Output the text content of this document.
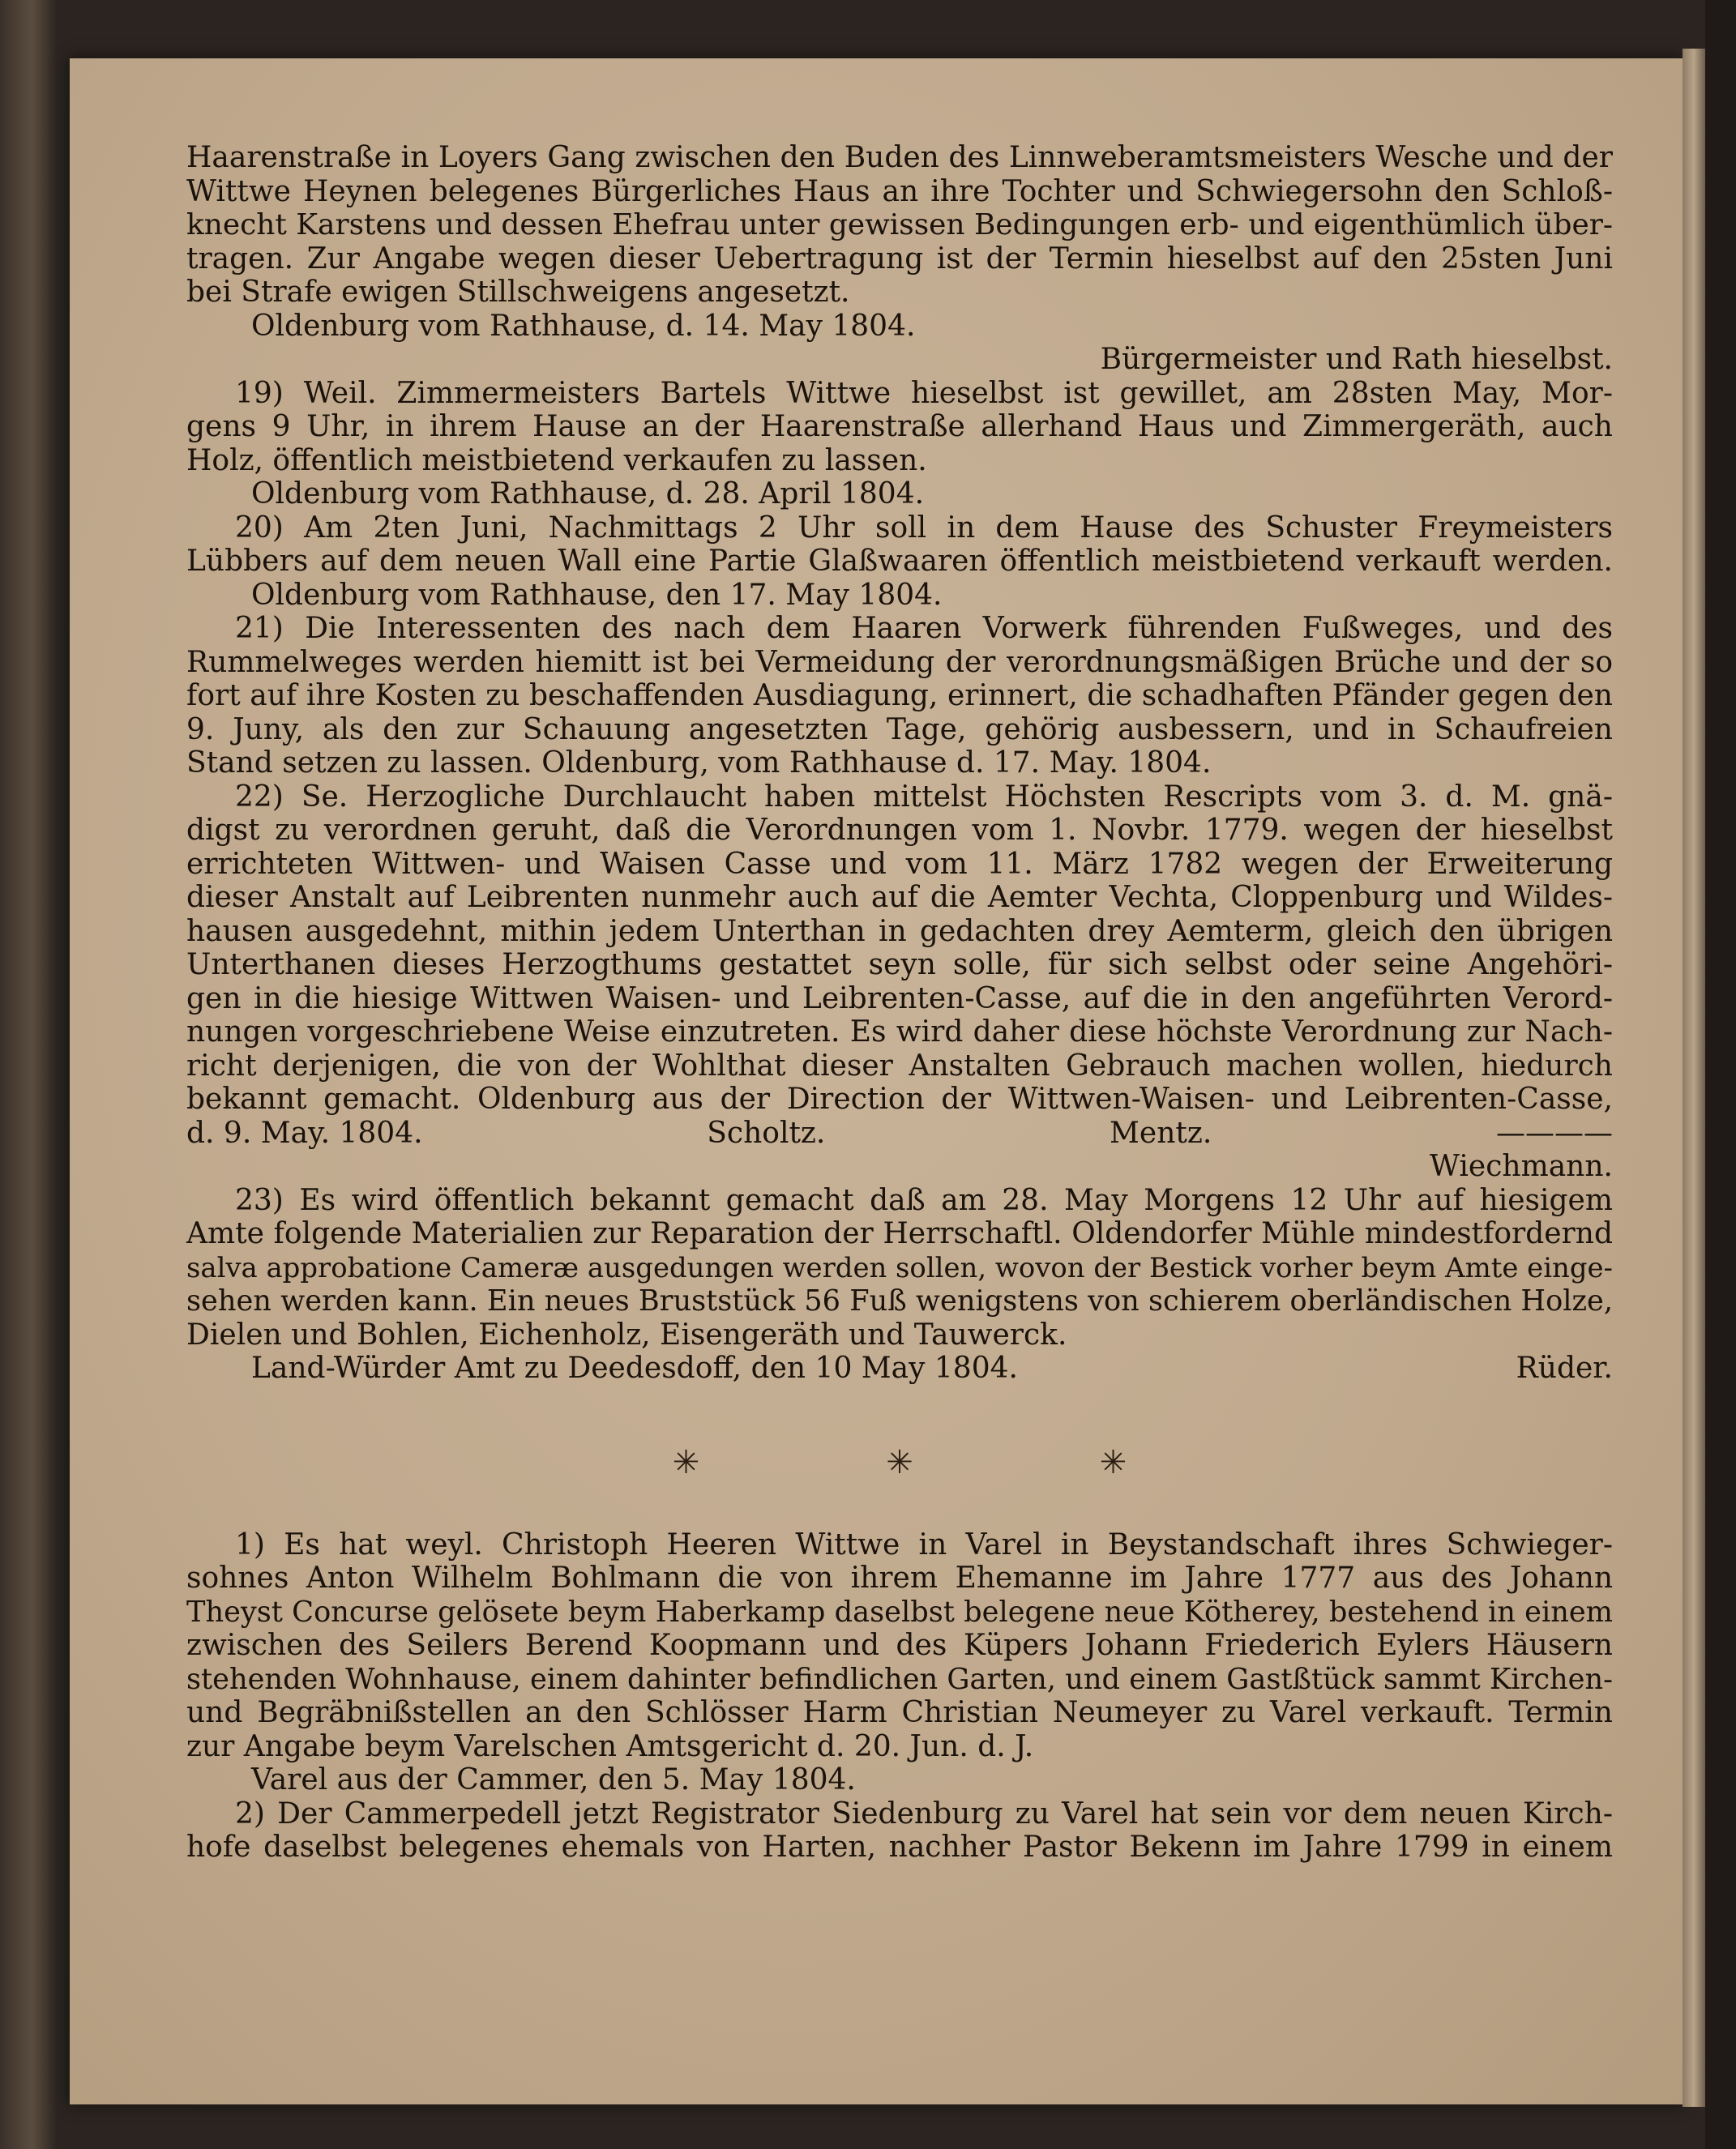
Haarenstraße in Loyers Gang zwischen den Buden des Linnweberamtsmeisters Wesche und der
Wittwe Heynen belegenes Bürgerliches Haus an ihre Tochter und Schwiegersohn den Schloß-
knecht Karstens und dessen Ehefrau unter gewissen Bedingungen erb- und eigenthümlich über-
tragen. Zur Angabe wegen dieser Uebertragung ist der Termin hieselbst auf den 25sten Juni
bei Strafe ewigen Stillschweigens angesetzt.
Oldenburg vom Rathhause, d. 14. May 1804.
Bürgermeister und Rath hieselbst.
19) Weil. Zimmermeisters Bartels Wittwe hieselbst ist gewillet, am 28sten May, Mor-
gens 9 Uhr, in ihrem Hause an der Haarenstraße allerhand Haus und Zimmergeräth, auch
Holz, öffentlich meistbietend verkaufen zu lassen.
Oldenburg vom Rathhause, d. 28. April 1804.
20) Am 2ten Juni, Nachmittags 2 Uhr soll in dem Hause des Schuster Freymeisters
Lübbers auf dem neuen Wall eine Partie Glaßwaaren öffentlich meistbietend verkauft werden.
Oldenburg vom Rathhause, den 17. May 1804.
21) Die Interessenten des nach dem Haaren Vorwerk führenden Fußweges, und des
Rummelweges werden hiemitt ist bei Vermeidung der verordnungsmäßigen Brüche und der so
fort auf ihre Kosten zu beschaffenden Ausdiagung, erinnert, die schadhaften Pfänder gegen den
9. Juny, als den zur Schauung angesetzten Tage, gehörig ausbessern, und in Schaufreien
Stand setzen zu lassen. Oldenburg, vom Rathhause d. 17. May. 1804.
22) Se. Herzogliche Durchlaucht haben mittelst Höchsten Rescripts vom 3. d. M. gnä-
digst zu verordnen geruht, daß die Verordnungen vom 1. Novbr. 1779. wegen der hieselbst
errichteten Wittwen- und Waisen Casse und vom 11. März 1782 wegen der Erweiterung
dieser Anstalt auf Leibrenten nunmehr auch auf die Aemter Vechta, Cloppenburg und Wildes-
hausen ausgedehnt, mithin jedem Unterthan in gedachten drey Aemterm, gleich den übrigen
Unterthanen dieses Herzogthums gestattet seyn solle, für sich selbst oder seine Angehöri-
gen in die hiesige Wittwen Waisen- und Leibrenten-Casse, auf die in den angeführten Verord-
nungen vorgeschriebene Weise einzutreten. Es wird daher diese höchste Verordnung zur Nach-
richt derjenigen, die von der Wohlthat dieser Anstalten Gebrauch machen wollen, hiedurch
bekannt gemacht. Oldenburg aus der Direction der Wittwen-Waisen- und Leibrenten-Casse,
d. 9. May. 1804.	Scholtz.	Mentz.	————
Wiechmann.
23) Es wird öffentlich bekannt gemacht daß am 28. May Morgens 12 Uhr auf hiesigem
Amte folgende Materialien zur Reparation der Herrschaftl. Oldendorfer Mühle mindestfordernd
salva approbatione Cameræ ausgedungen werden sollen, wovon der Bestick vorher beym Amte einge-
sehen werden kann. Ein neues Bruststück 56 Fuß wenigstens von schierem oberländischen Holze,
Dielen und Bohlen, Eichenholz, Eisengeräth und Tauwerck.
Land-Würder Amt zu Deedesdoff, den 10 May 1804.	Rüder.
✳	✳	✳
1) Es hat weyl. Christoph Heeren Wittwe in Varel in Beystandschaft ihres Schwieger-
sohnes Anton Wilhelm Bohlmann die von ihrem Ehemanne im Jahre 1777 aus des Johann
Theyst Concurse gelösete beym Haberkamp daselbst belegene neue Kötherey, bestehend in einem
zwischen des Seilers Berend Koopmann und des Küpers Johann Friederich Eylers Häusern
stehenden Wohnhause, einem dahinter befindlichen Garten, und einem Gastßtück sammt Kirchen-
und Begräbnißstellen an den Schlösser Harm Christian Neumeyer zu Varel verkauft. Termin
zur Angabe beym Varelschen Amtsgericht d. 20. Jun. d. J.
Varel aus der Cammer, den 5. May 1804.
2) Der Cammerpedell jetzt Registrator Siedenburg zu Varel hat sein vor dem neuen Kirch-
hofe daselbst belegenes ehemals von Harten, nachher Pastor Bekenn im Jahre 1799 in einem
